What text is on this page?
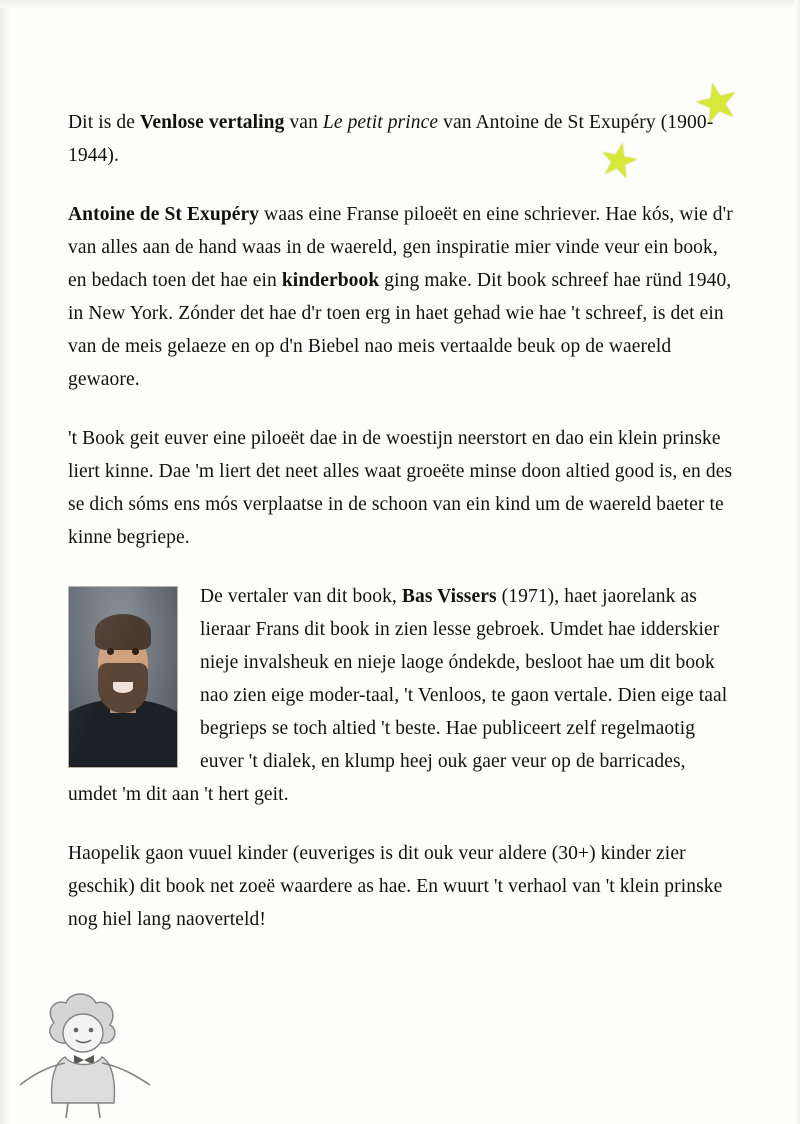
★
★

Dit is de Venlose vertaling van Le petit prince van Antoine de St Exupéry (1900- 1944).

Antoine de St Exupéry waas eine Franse piloeët en eine schriever. Hae kós, wie d'r van alles aan de hand waas in de waereld, gen inspiratie mier vinde veur ein book, en bedach toen det hae ein kinderbook ging make. Dit book schreef hae ründ 1940, in New York. Zónder det hae d'r toen erg in haet gehad wie hae 't schreef, is det ein van de meis gelaeze en op d'n Biebel nao meis vertaalde beuk op de waereld gewaore.

't Book geit euver eine piloeët dae in de woestijn neerstort en dao ein klein prinske liert kinne. Dae 'm liert det neet alles waat groeëte minse doon altied good is, en des se dich sóms ens mós verplaatse in de schoon van ein kind um de waereld baeter te kinne begriepe.

De vertaler van dit book, Bas Vissers (1971), haet jaorelank as lieraar Frans dit book in zien lesse gebroek. Umdet hae idderskier nieje invalsheuk en nieje laoge óndekde, besloot hae um dit book nao zien eige moder-taal, 't Venloos, te gaon vertale. Dien eige taal begrieps se toch altied 't beste. Hae publiceert zelf regelmaotig

euver 't dialek, en klump heej ouk gaer veur op de barricades, umdet 'm dit aan 't hert geit.

Haopelik gaon vuuel kinder (euveriges is dit ouk veur aldere (30+) kinder zier geschik) dit book net zoeë waardere as hae. En wuurt 't verhaol van 't klein prinske nog hiel lang naoverteld!
